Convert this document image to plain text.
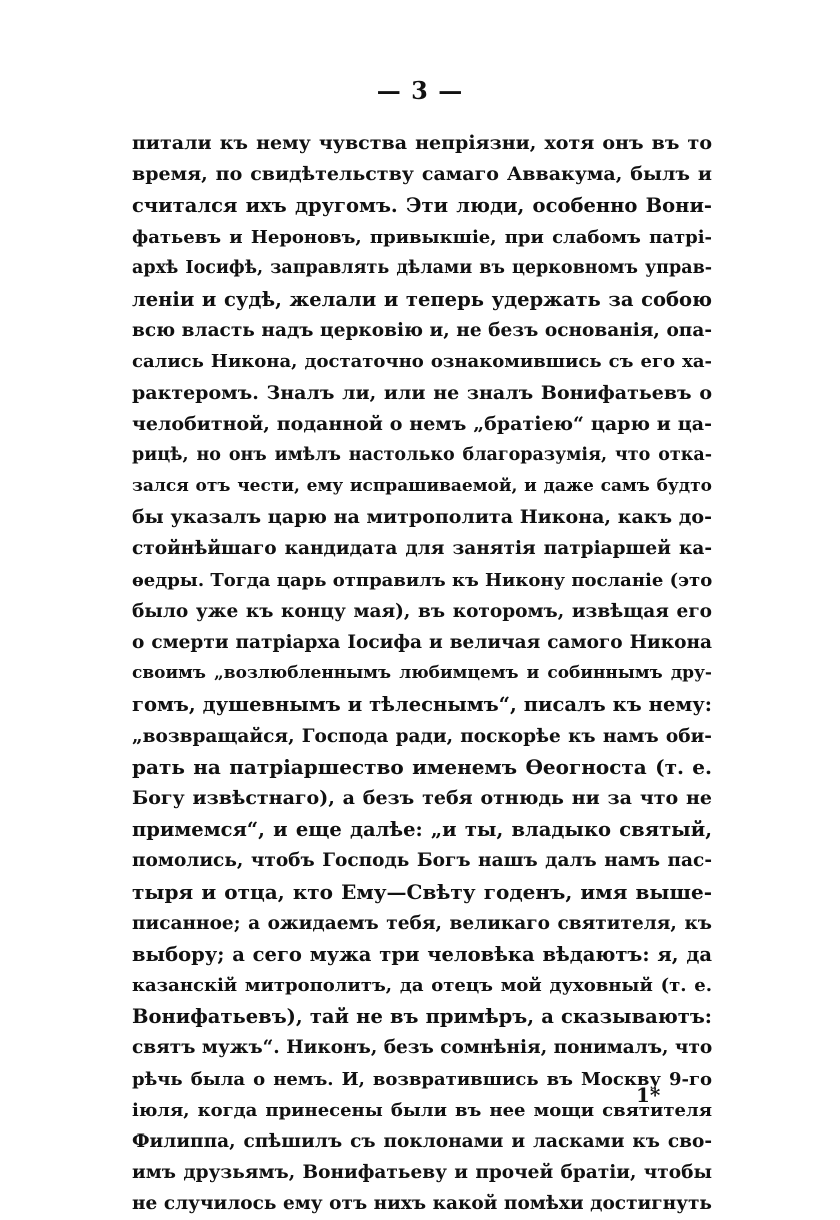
— 3 —
питали къ нему чувства непріязни, хотя онъ въ то
время, по свидѣтельству самаго Аввакума, былъ и
считался ихъ другомъ. Эти люди, особенно Вони-
фатьевъ и Нероновъ, привыкшіе, при слабомъ патрі-
архѣ Іосифѣ, заправлять дѣлами въ церковномъ управ-
леніи и судѣ, желали и теперь удержать за собою
всю власть надъ церковію и, не безъ основанія, опа-
сались Никона, достаточно ознакомившись съ его ха-
рактеромъ. Зналъ ли, или не зналъ Вонифатьевъ о
челобитной, поданной о немъ „братіею“ царю и ца-
рицѣ, но онъ имѣлъ настолько благоразумія, что отка-
зался отъ чести, ему испрашиваемой, и даже самъ будто
бы указалъ царю на митрополита Никона, какъ до-
стойнѣйшаго кандидата для занятія патріаршей ка-
ѳедры. Тогда царь отправилъ къ Никону посланіе (это
было уже къ концу мая), въ которомъ, извѣщая его
о смерти патріарха Іосифа и величая самого Никона
своимъ „возлюбленнымъ любимцемъ и собиннымъ дру-
гомъ, душевнымъ и тѣлеснымъ“, писалъ къ нему:
„возвращайся, Господа ради, поскорѣе къ намъ оби-
рать на патріаршество именемъ Ѳеогноста (т. е.
Богу извѣстнаго), а безъ тебя отнюдь ни за что не
примемся“, и еще далѣе: „и ты, владыко святый,
помолись, чтобъ Господь Богъ нашъ далъ намъ пас-
тыря и отца, кто Ему—Свѣту годенъ, имя выше-
писанное; а ожидаемъ тебя, великаго святителя, къ
выбору; а сего мужа три человѣка вѣдаютъ: я, да
казанскій митрополитъ, да отецъ мой духовный (т. е.
Вонифатьевъ), тай не въ примѣръ, а сказываютъ:
святъ мужъ“. Никонъ, безъ сомнѣнія, понималъ, что
рѣчь была о немъ. И, возвратившись въ Москву 9-го
іюля, когда принесены были въ нее мощи святителя
Филиппа, спѣшилъ съ поклонами и ласками къ сво-
имъ друзьямъ, Вонифатьеву и прочей братіи, чтобы
не случилось ему отъ нихъ какой помѣхи достигнуть
1*
